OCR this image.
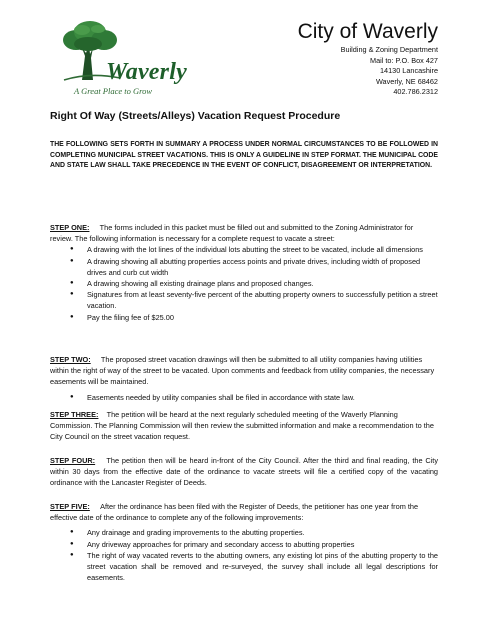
Waverly
A Great Place to Grow
City of Waverly
Building & Zoning Department
Mail to: P.O. Box 427
14130 Lancashire
Waverly, NE 68462
402.786.2312
Right Of Way (Streets/Alleys) Vacation Request Procedure
THE FOLLOWING SETS FORTH IN SUMMARY A PROCESS UNDER NORMAL CIRCUMSTANCES TO BE FOLLOWED IN COMPLETING MUNICIPAL STREET VACATIONS. THIS IS ONLY A GUIDELINE IN STEP FORMAT. THE MUNICIPAL CODE AND STATE LAW SHALL TAKE PRECEDENCE IN THE EVENT OF CONFLICT, DISAGREEMENT OR INTERPRETATION.
STEP ONE: The forms included in this packet must be filled out and submitted to the Zoning Administrator for review. The following information is necessary for a complete request to vacate a street:
● A drawing with the lot lines of the individual lots abutting the street to be vacated, include all dimensions
● A drawing showing all abutting properties access points and private drives, including width of proposed drives and curb cut width
● A drawing showing all existing drainage plans and proposed changes.
● Signatures from at least seventy-five percent of the abutting property owners to successfully petition a street vacation.
● Pay the filing fee of $25.00
STEP TWO: The proposed street vacation drawings will then be submitted to all utility companies having utilities within the right of way of the street to be vacated. Upon comments and feedback from utility companies, the necessary easements will be maintained.
● Easements needed by utility companies shall be filed in accordance with state law.
STEP THREE: The petition will be heard at the next regularly scheduled meeting of the Waverly Planning Commission. The Planning Commission will then review the submitted information and make a recommendation to the City Council on the street vacation request.
STEP FOUR: The petition then will be heard in-front of the City Council. After the third and final reading, the City within 30 days from the effective date of the ordinance to vacate streets will file a certified copy of the vacating ordinance with the Lancaster Register of Deeds.
STEP FIVE: After the ordinance has been filed with the Register of Deeds, the petitioner has one year from the effective date of the ordinance to complete any of the following improvements:
● Any drainage and grading improvements to the abutting properties.
● Any driveway approaches for primary and secondary access to abutting properties
● The right of way vacated reverts to the abutting owners, any existing lot pins of the abutting property to the street vacation shall be removed and re-surveyed, the survey shall include all legal descriptions for easements.
